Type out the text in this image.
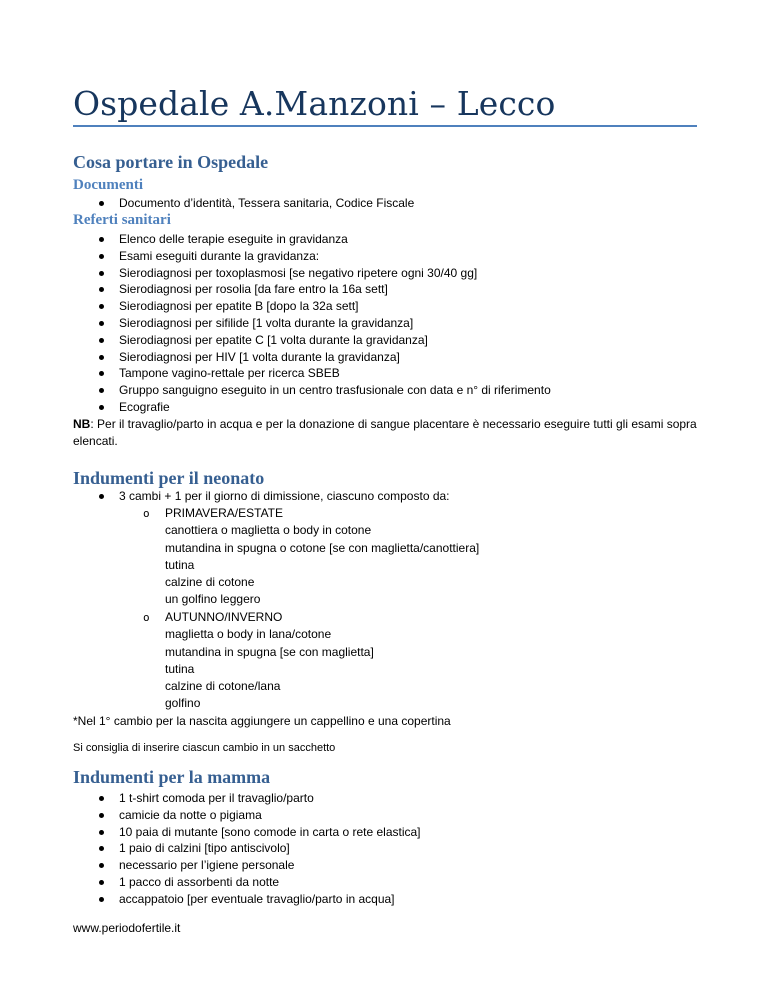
Ospedale A.Manzoni – Lecco
Cosa portare in Ospedale
Documenti
Documento d’identità, Tessera sanitaria, Codice Fiscale
Referti sanitari
Elenco delle terapie eseguite in gravidanza
Esami eseguiti durante la gravidanza:
Sierodiagnosi per toxoplasmosi [se negativo ripetere ogni 30/40 gg]
Sierodiagnosi per rosolia [da fare entro la 16a sett]
Sierodiagnosi per epatite B [dopo la 32a sett]
Sierodiagnosi per sifilide [1 volta durante la gravidanza]
Sierodiagnosi per epatite C [1 volta durante la gravidanza]
Sierodiagnosi per HIV [1 volta durante la gravidanza]
Tampone vagino-rettale per ricerca SBEB
Gruppo sanguigno eseguito in un centro trasfusionale con data e n° di riferimento
Ecografie

NB: Per il travaglio/parto in acqua e per la donazione di sangue placentare è necessario eseguire tutti gli esami sopra elencati.

Indumenti per il neonato
3 cambi + 1 per il giorno di dimissione, ciascuno composto da:
o PRIMAVERA/ESTATE
canottiera o maglietta o body in cotone
mutandina in spugna o cotone [se con maglietta/canottiera]
tutina
calzine di cotone
un golfino leggero
o AUTUNNO/INVERNO
maglietta o body in lana/cotone
mutandina in spugna [se con maglietta]
tutina
calzine di cotone/lana
golfino

*Nel 1° cambio per la nascita aggiungere un cappellino e una copertina

Si consiglia di inserire ciascun cambio in un sacchetto

Indumenti per la mamma
1 t-shirt comoda per il travaglio/parto
camicie da notte o pigiama
10 paia di mutante [sono comode in carta o rete elastica]
1 paio di calzini [tipo antiscivolo]
necessario per l’igiene personale
1 pacco di assorbenti da notte
accappatoio [per eventuale travaglio/parto in acqua]

www.periodofertile.it
